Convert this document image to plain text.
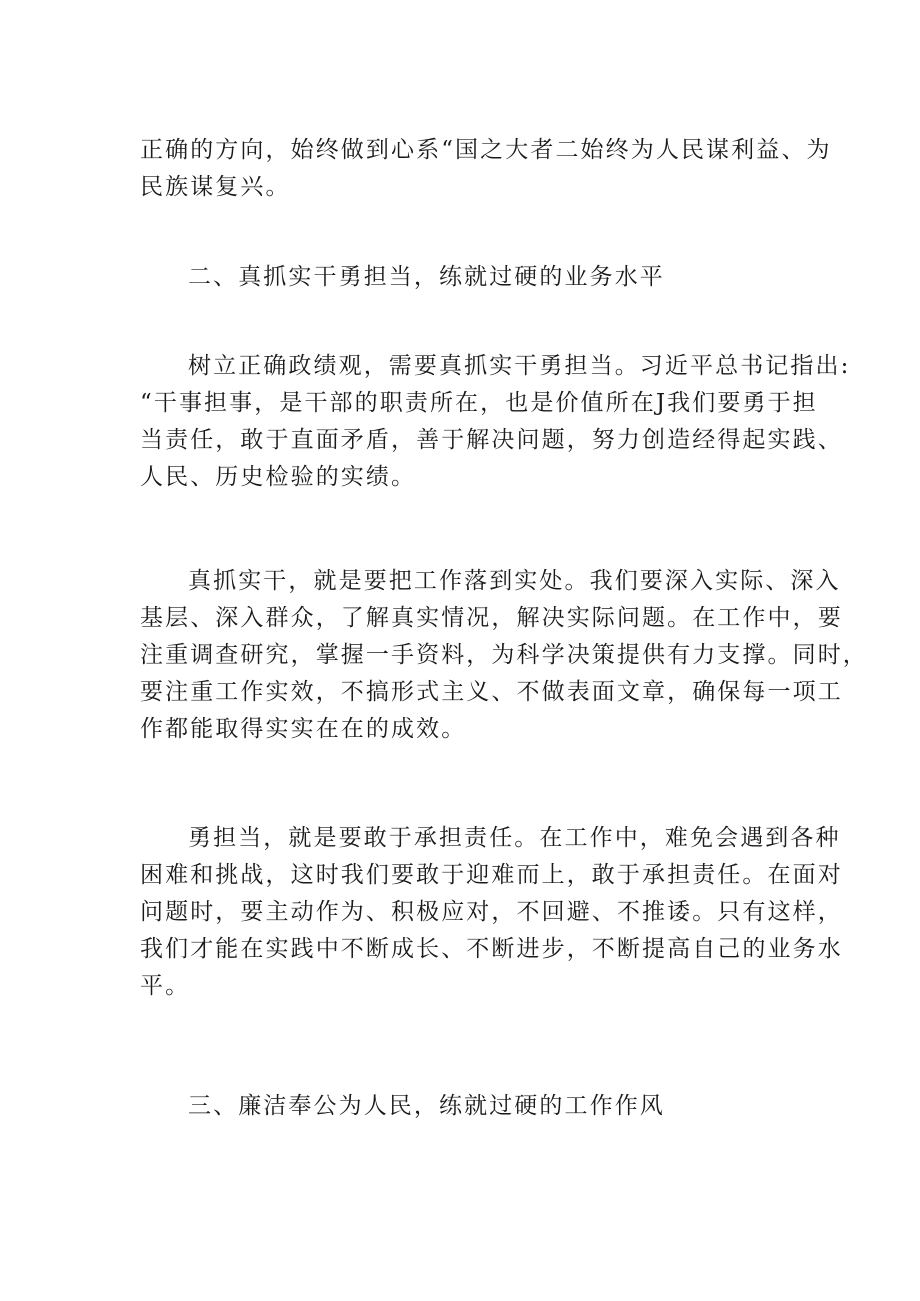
正确的方向，始终做到心系“国之大者二始终为人民谋利益、为
民族谋复兴。
二、真抓实干勇担当，练就过硬的业务水平
树立正确政绩观，需要真抓实干勇担当。习近平总书记指出:
“干事担事，是干部的职责所在，也是价值所在J我们要勇于担
当责任，敢于直面矛盾，善于解决问题，努力创造经得起实践、
人民、历史检验的实绩。
真抓实干，就是要把工作落到实处。我们要深入实际、深入
基层、深入群众，了解真实情况，解决实际问题。在工作中，要
注重调查研究，掌握一手资料，为科学决策提供有力支撑。同时，
要注重工作实效，不搞形式主义、不做表面文章，确保每一项工
作都能取得实实在在的成效。
勇担当，就是要敢于承担责任。在工作中，难免会遇到各种
困难和挑战，这时我们要敢于迎难而上，敢于承担责任。在面对
问题时，要主动作为、积极应对，不回避、不推诿。只有这样，
我们才能在实践中不断成长、不断进步，不断提高自己的业务水
平。
三、廉洁奉公为人民，练就过硬的工作作风
